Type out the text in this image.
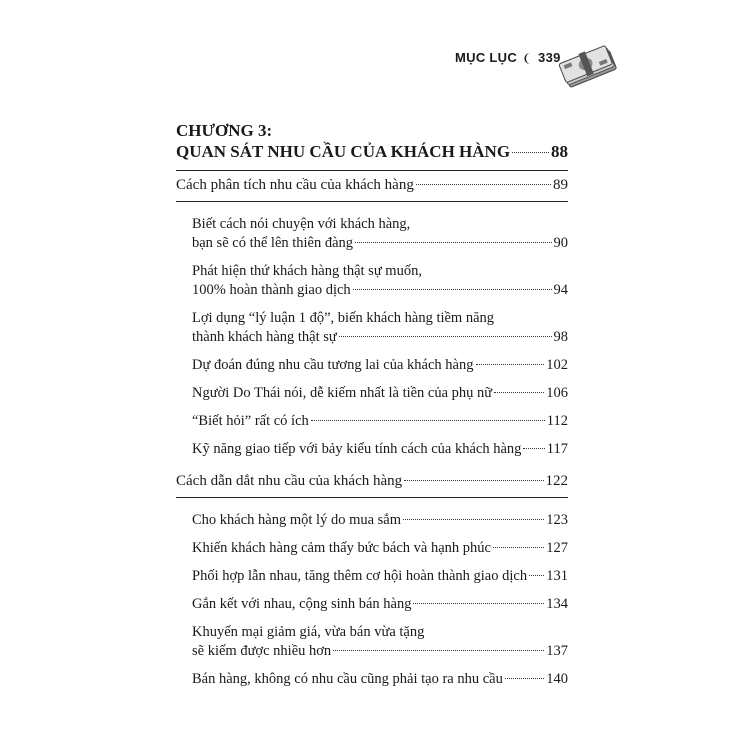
MỤC LỤC 339
CHƯƠNG 3:
QUAN SÁT NHU CẦU CỦA KHÁCH HÀNG 88
Cách phân tích nhu cầu của khách hàng	89
Biết cách nói chuyện với khách hàng,
bạn sẽ có thể lên thiên đàng	90
Phát hiện thứ khách hàng thật sự muốn,
100% hoàn thành giao dịch	94
Lợi dụng “lý luận 1 độ”, biến khách hàng tiềm năng
thành khách hàng thật sự	98
Dự đoán đúng nhu cầu tương lai của khách hàng	102
Người Do Thái nói, dễ kiếm nhất là tiền của phụ nữ	106
“Biết hỏi” rất có ích	112
Kỹ năng giao tiếp với bảy kiểu tính cách của khách hàng 117
Cách dẫn dắt nhu cầu của khách hàng	122
Cho khách hàng một lý do mua sắm	123
Khiến khách hàng cảm thấy bức bách và hạnh phúc	127
Phối hợp lẫn nhau, tăng thêm cơ hội hoàn thành giao dịch 131
Gắn kết với nhau, cộng sinh bán hàng	134
Khuyến mại giảm giá, vừa bán vừa tặng
sẽ kiếm được nhiều hơn	137
Bán hàng, không có nhu cầu cũng phải tạo ra nhu cầu	140
